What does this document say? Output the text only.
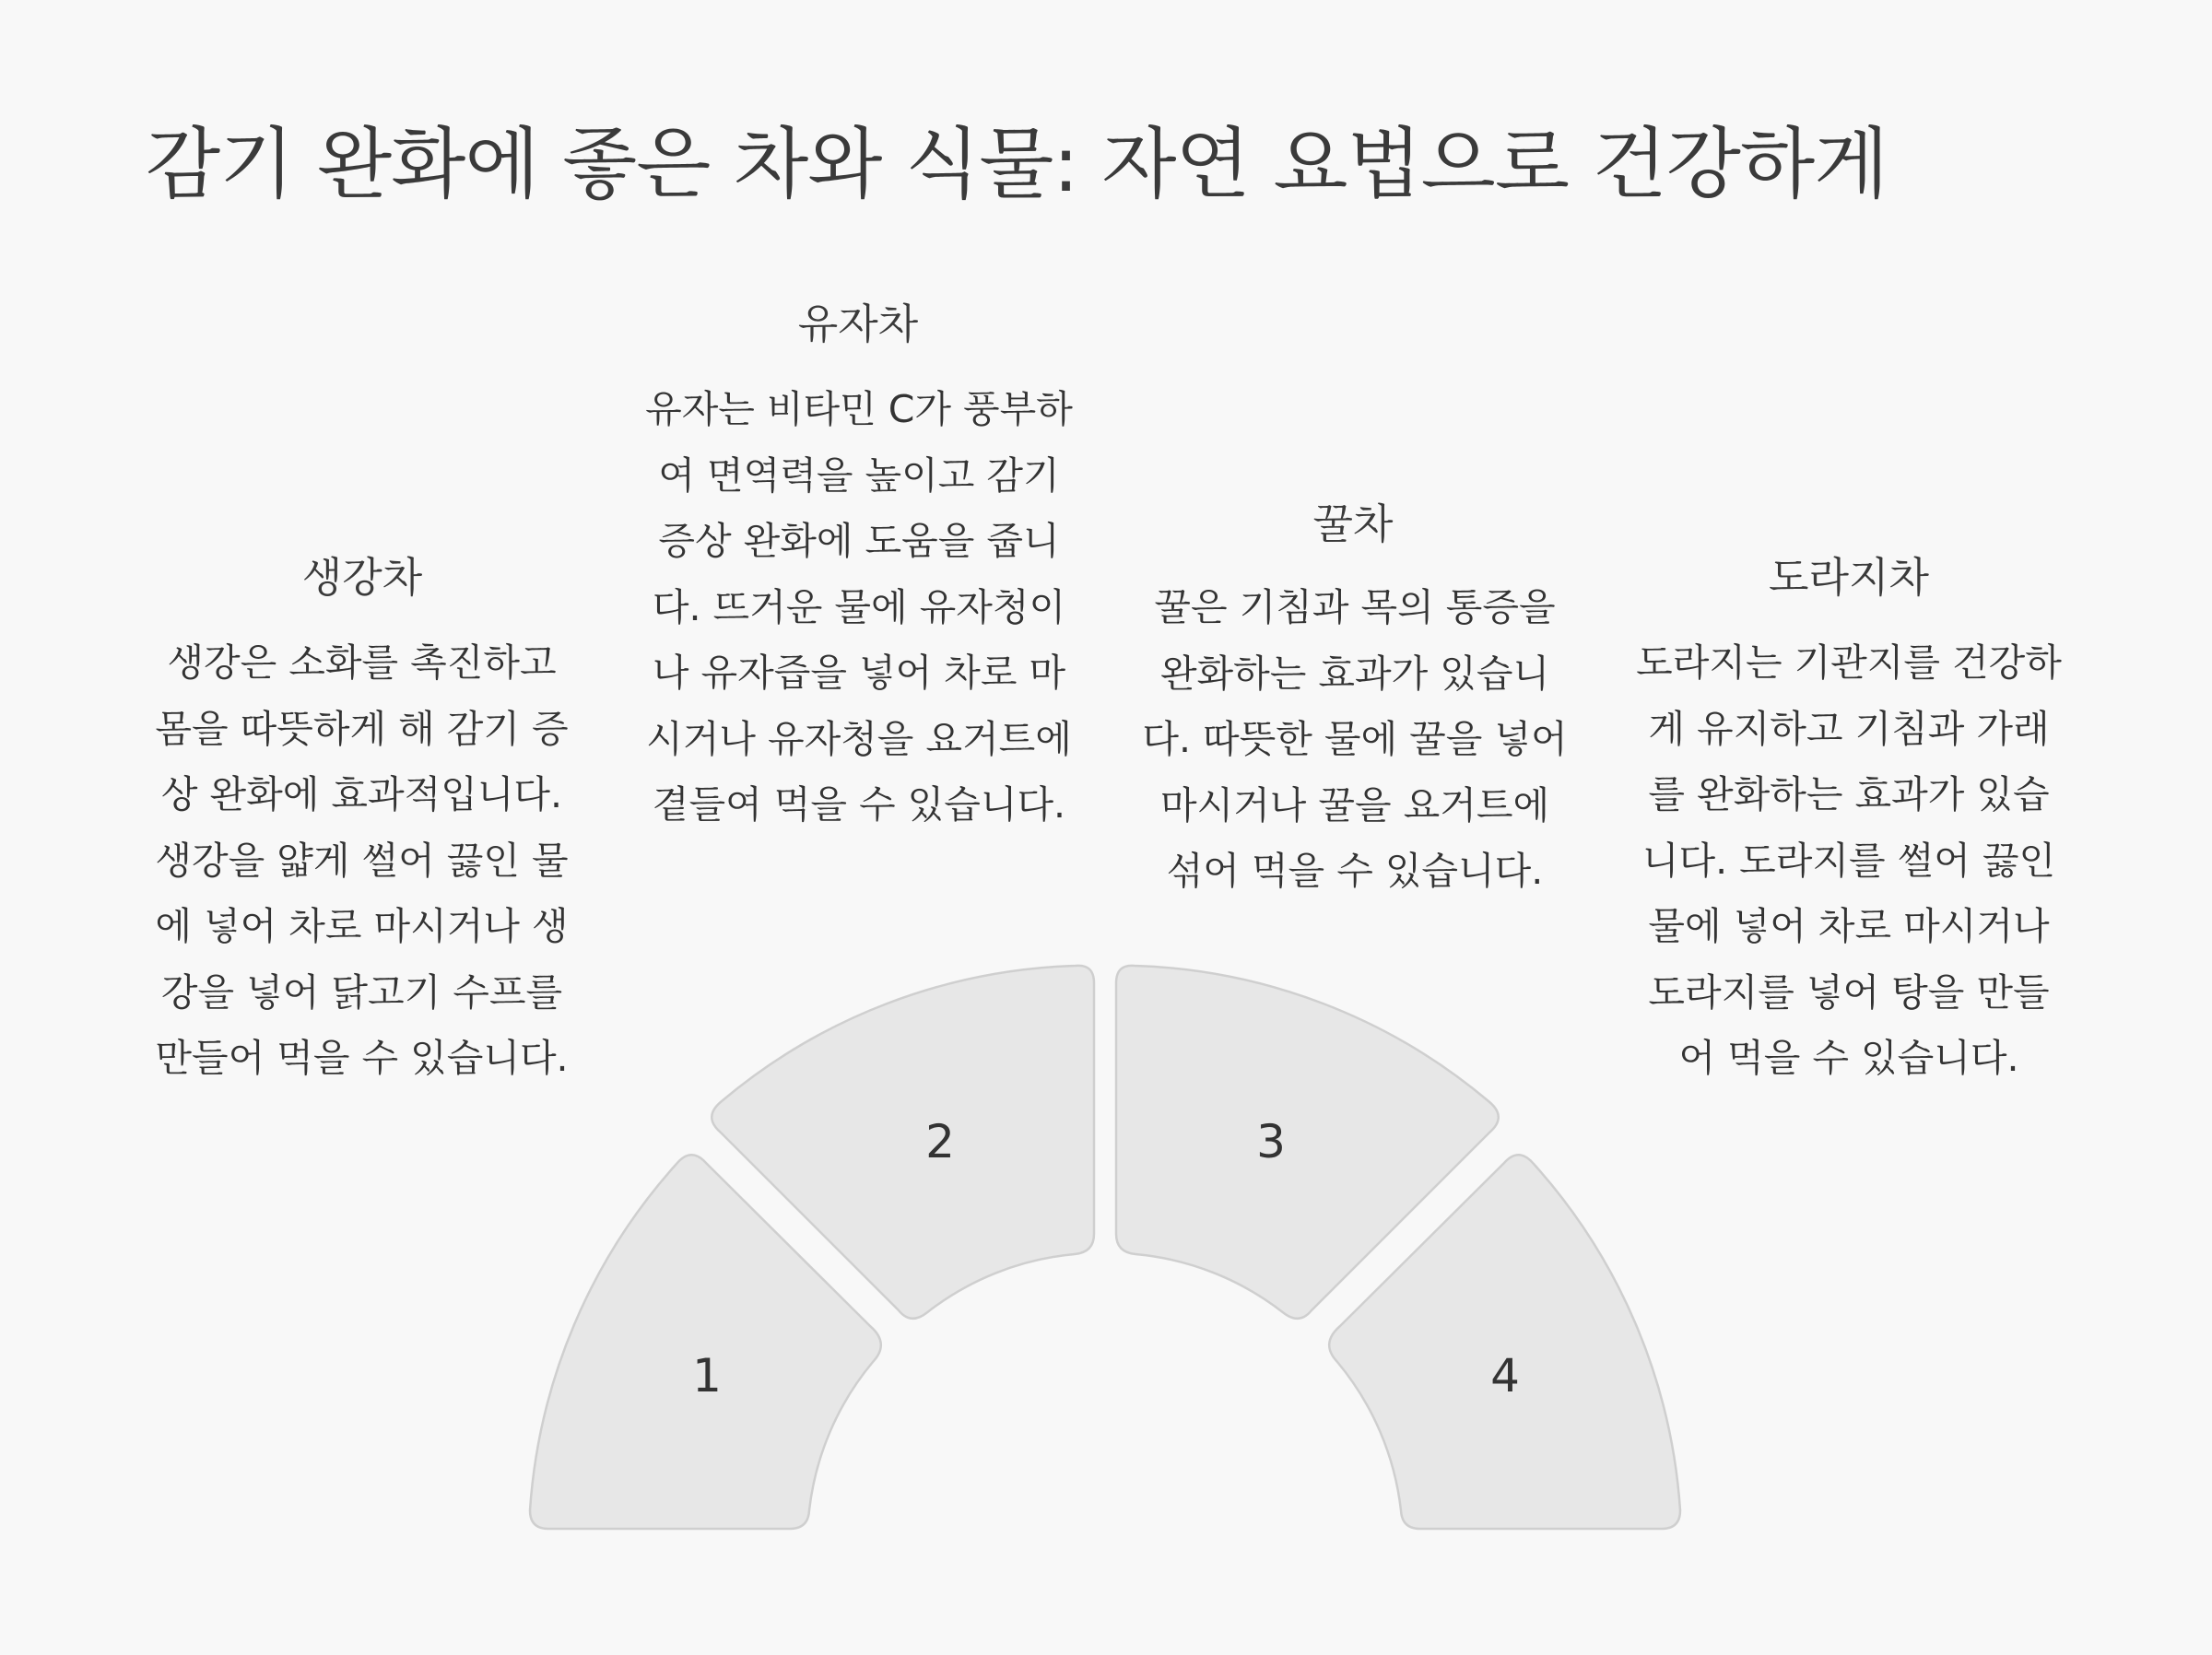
감기 완화에 좋은 차와 식물: 자연 요법으로 건강하게
생강차
생강은 소화를 촉진하고 몸을 따뜻하게 해 감기 증상 완화에 효과적입니다. 생강을 얇게 썰어 끓인 물에 넣어 차로 마시거나 생강을 넣어 닭고기 수프를 만들어 먹을 수 있습니다.
유자차
유자는 비타민 C가 풍부하여 면역력을 높이고 감기 증상 완화에 도움을 줍니다. 뜨거운 물에 유자청이나 유자즙을 넣어 차로 마시거나 유자청을 요거트에 곁들여 먹을 수 있습니다.
꿀차
꿀은 기침과 목의 통증을 완화하는 효과가 있습니다. 따뜻한 물에 꿀을 넣어 마시거나 꿀을 요거트에 섞어 먹을 수 있습니다.
도라지차
도라지는 기관지를 건강하게 유지하고 기침과 가래를 완화하는 효과가 있습니다. 도라지를 썰어 끓인 물에 넣어 차로 마시거나 도라지를 넣어 탕을 만들어 먹을 수 있습니다.
1
2	3
4
